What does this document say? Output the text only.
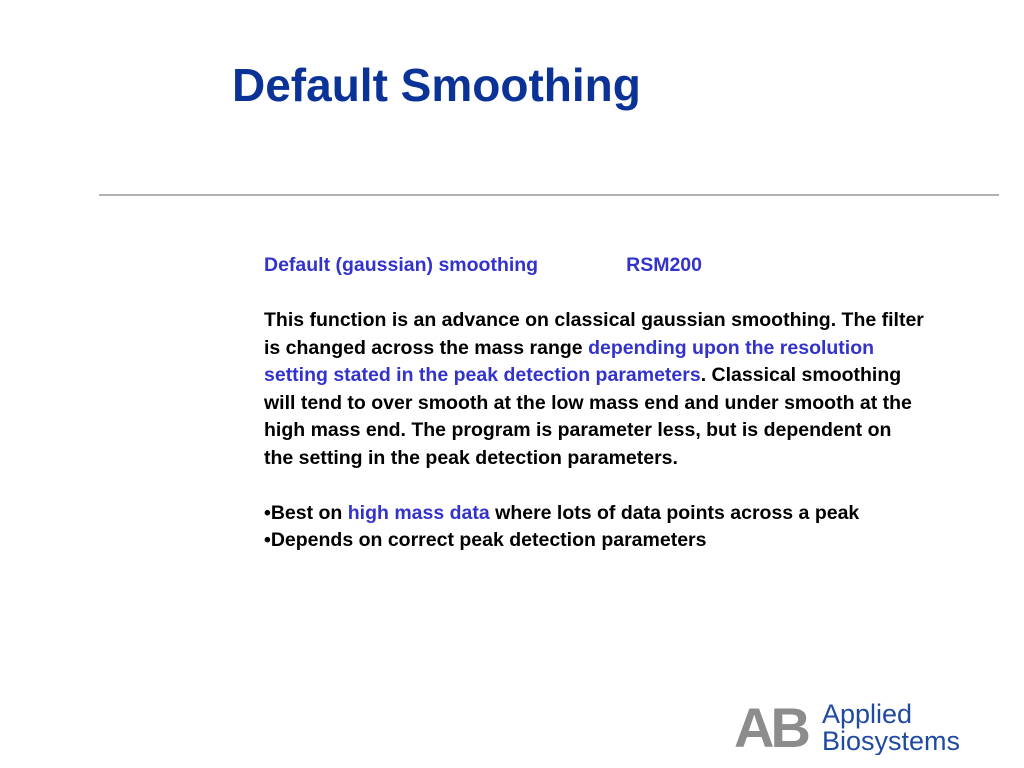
Default Smoothing
Default (gaussian) smoothing	RSM200

This function is an advance on classical gaussian smoothing. The filter is changed across the mass range depending upon the resolution setting stated in the peak detection parameters. Classical smoothing will tend to over smooth at the low mass end and under smooth at the high mass end. The program is parameter less, but is dependent on the setting in the peak detection parameters.

•Best on high mass data where lots of data points across a peak

•Depends on correct peak detection parameters

AB Applied
Biosystems
